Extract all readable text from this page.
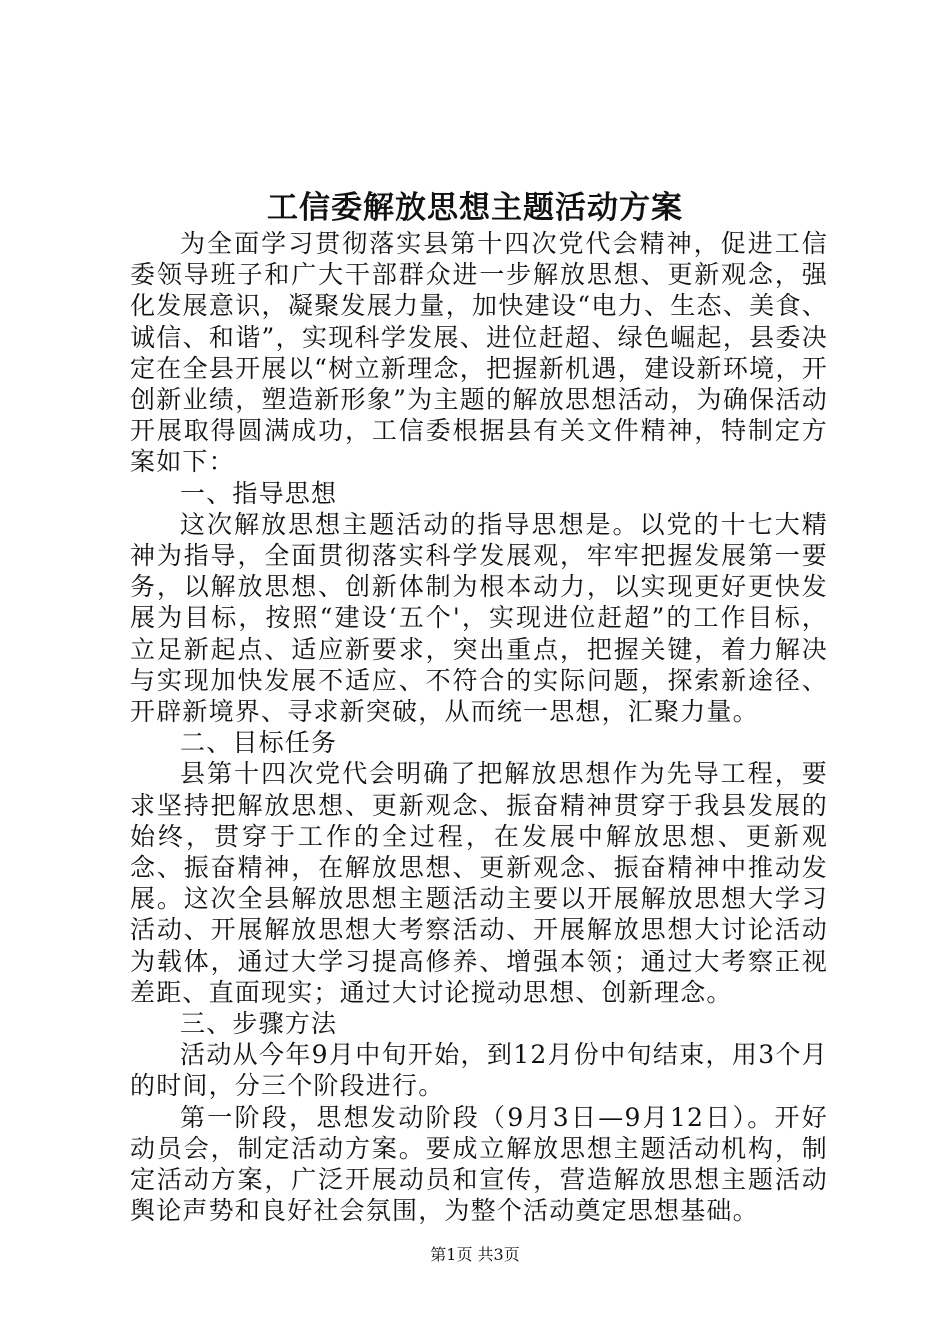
工信委解放思想主题活动方案

为全面学习贯彻落实县第十四次党代会精神，促进工信委领导班子和广大干部群众进一步解放思想、更新观念，强化发展意识，凝聚发展力量，加快建设“电力、生态、美食、诚信、和谐”，实现科学发展、进位赶超、绿色崛起，县委决定在全县开展以“树立新理念，把握新机遇，建设新环境，开创新业绩，塑造新形象”为主题的解放思想活动，为确保活动开展取得圆满成功，工信委根据县有关文件精神，特制定方案如下：

一、指导思想

这次解放思想主题活动的指导思想是。以党的十七大精神为指导，全面贯彻落实科学发展观，牢牢把握发展第一要务，以解放思想、创新体制为根本动力，以实现更好更快发展为目标，按照“建设‘五个'，实现进位赶超”的工作目标，立足新起点、适应新要求，突出重点，把握关键，着力解决与实现加快发展不适应、不符合的实际问题，探索新途径、开辟新境界、寻求新突破，从而统一思想，汇聚力量。

二、目标任务

县第十四次党代会明确了把解放思想作为先导工程，要求坚持把解放思想、更新观念、振奋精神贯穿于我县发展的始终，贯穿于工作的全过程，在发展中解放思想、更新观念、振奋精神，在解放思想、更新观念、振奋精神中推动发展。这次全县解放思想主题活动主要以开展解放思想大学习活动、开展解放思想大考察活动、开展解放思想大讨论活动为载体，通过大学习提高修养、增强本领；通过大考察正视差距、直面现实；通过大讨论搅动思想、创新理念。

三、步骤方法

活动从今年9月中旬开始，到12月份中旬结束，用3个月的时间，分三个阶段进行。

第一阶段，思想发动阶段（9月3日—9月12日）。开好动员会，制定活动方案。要成立解放思想主题活动机构，制定活动方案，广泛开展动员和宣传，营造解放思想主题活动舆论声势和良好社会氛围，为整个活动奠定思想基础。

第1页 共3页
